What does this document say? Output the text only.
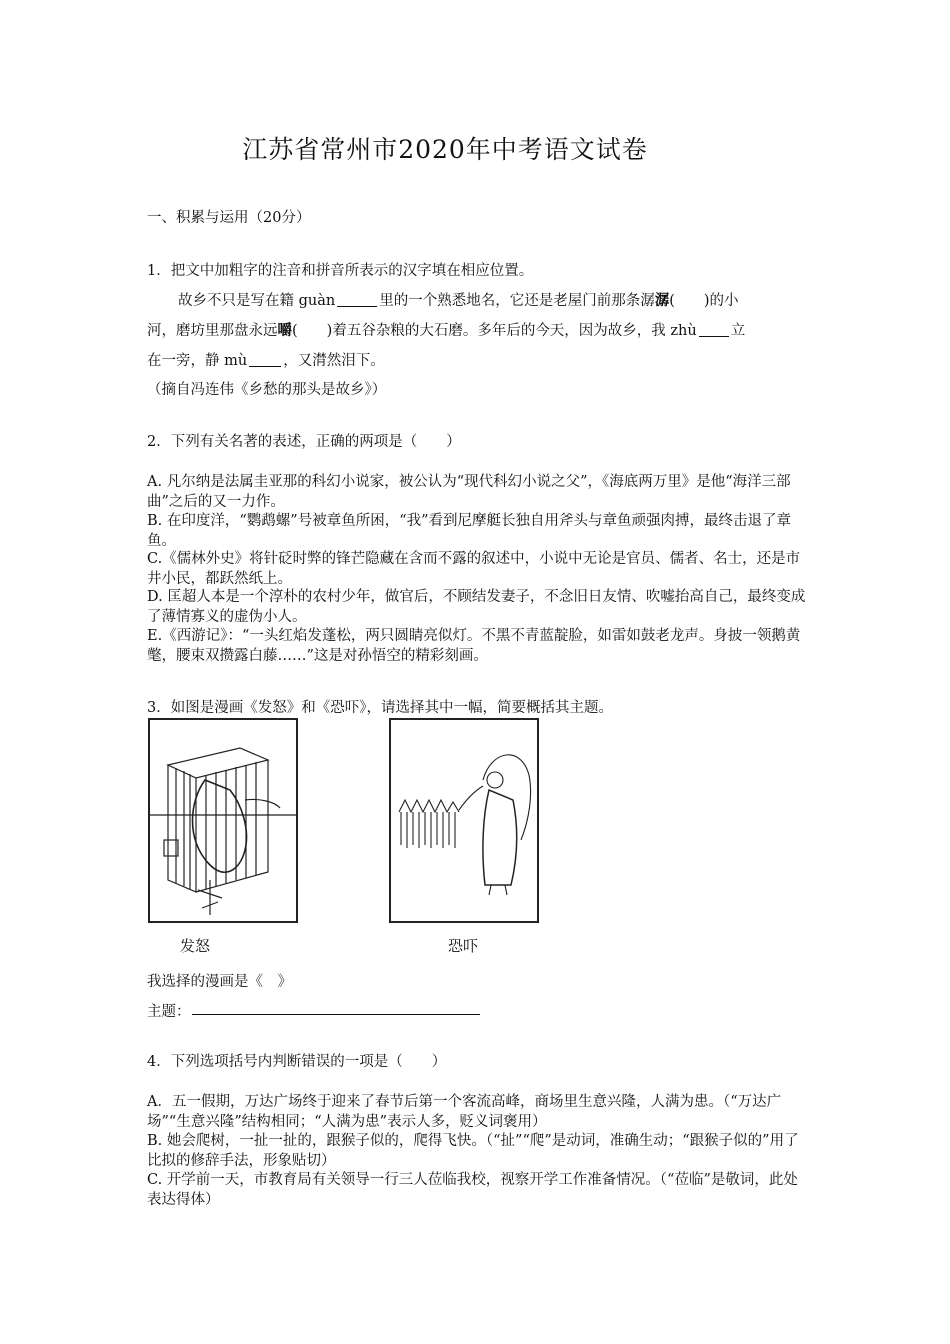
江苏省常州市2020年中考语文试卷
一、积累与运用（20分）
1．把文中加粗字的注音和拼音所表示的汉字填在相应位置。
故乡不只是写在籍 guàn	里的一个熟悉地名，它还是老屋门前那条潺潺(　　)的小
河，磨坊里那盘永远嚼(　　)着五谷杂粮的大石磨。多年后的今天，因为故乡，我 zhù 立
在一旁，静 mù ，又潸然泪下。
（摘自冯连伟《乡愁的那头是故乡》）
2．下列有关名著的表述，正确的两项是（　　）
A. 凡尔纳是法属圭亚那的科幻小说家，被公认为“现代科幻小说之父”，《海底两万里》是他“海洋三部曲”之后的又一力作。
B. 在印度洋，“鹦鹉螺”号被章鱼所困，“我”看到尼摩艇长独自用斧头与章鱼顽强肉搏，最终击退了章鱼。
C.《儒林外史》将针砭时弊的锋芒隐藏在含而不露的叙述中，小说中无论是官员、儒者、名士，还是市井小民，都跃然纸上。
D. 匡超人本是一个淳朴的农村少年，做官后，不顾结发妻子，不念旧日友情、吹嘘抬高自己，最终变成了薄情寡义的虚伪小人。
E.《西游记》：“一头红焰发蓬松，两只圆睛亮似灯。不黑不青蓝靛脸，如雷如鼓老龙声。身披一领鹅黄氅，腰束双攒露白藤……”这是对孙悟空的精彩刻画。
3．如图是漫画《发怒》和《恐吓》，请选择其中一幅，简要概括其主题。
发怒	恐吓
我选择的漫画是《　》
主题：
4．下列选项括号内判断错误的一项是（　　）
A．五一假期，万达广场终于迎来了春节后第一个客流高峰，商场里生意兴隆，人满为患。（“万达广场”“生意兴隆”结构相同；“人满为患”表示人多，贬义词褒用）
B. 她会爬树，一扯一扯的，跟猴子似的，爬得飞快。（“扯”“爬”是动词，准确生动；“跟猴子似的”用了比拟的修辞手法，形象贴切）
C. 开学前一天，市教育局有关领导一行三人莅临我校，视察开学工作准备情况。（“莅临”是敬词，此处表达得体）
